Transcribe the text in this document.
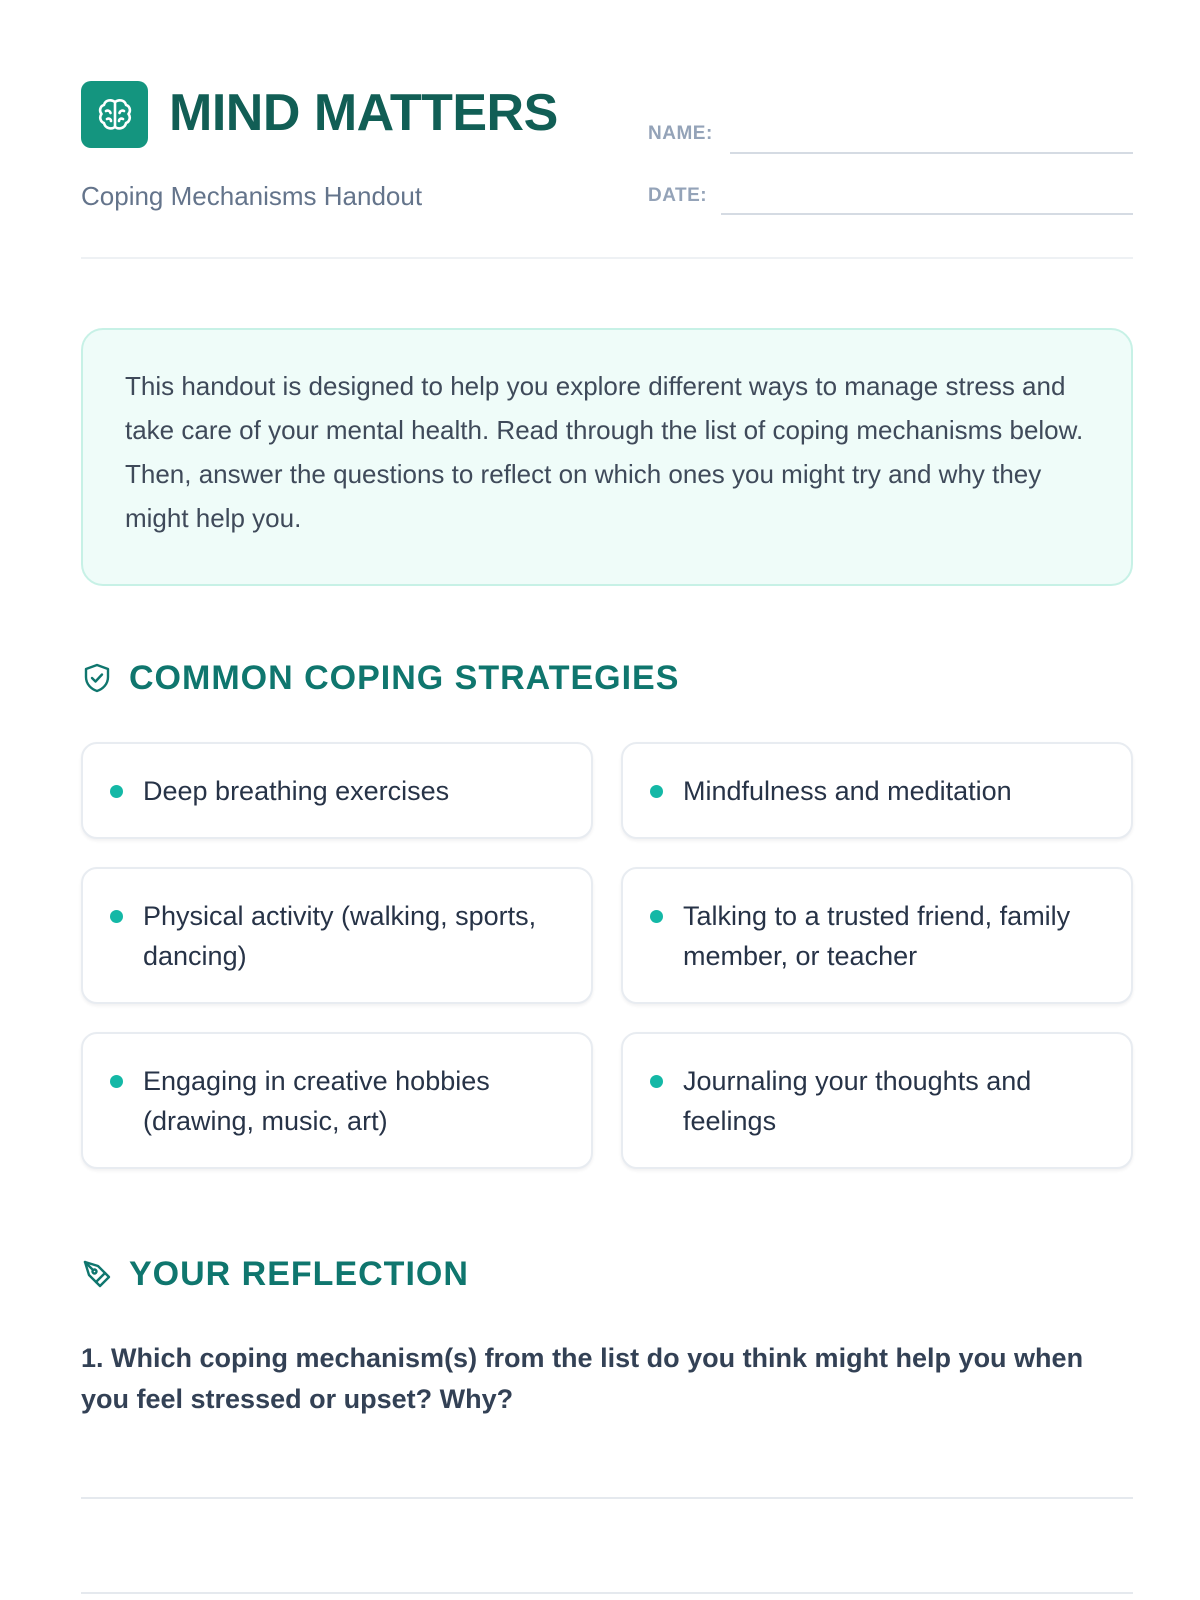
MIND MATTERS
Coping Mechanisms Handout
NAME:
DATE:
This handout is designed to help you explore different ways to manage stress and take care of your mental health. Read through the list of coping mechanisms below. Then, answer the questions to reflect on which ones you might try and why they might help you.
COMMON COPING STRATEGIES
Deep breathing exercises	Mindfulness and meditation
Physical activity (walking, sports, dancing)
Talking to a trusted friend, family member, or teacher
Engaging in creative hobbies (drawing, music, art)
Journaling your thoughts and feelings
YOUR REFLECTION
1. Which coping mechanism(s) from the list do you think might help you when you feel stressed or upset? Why?
